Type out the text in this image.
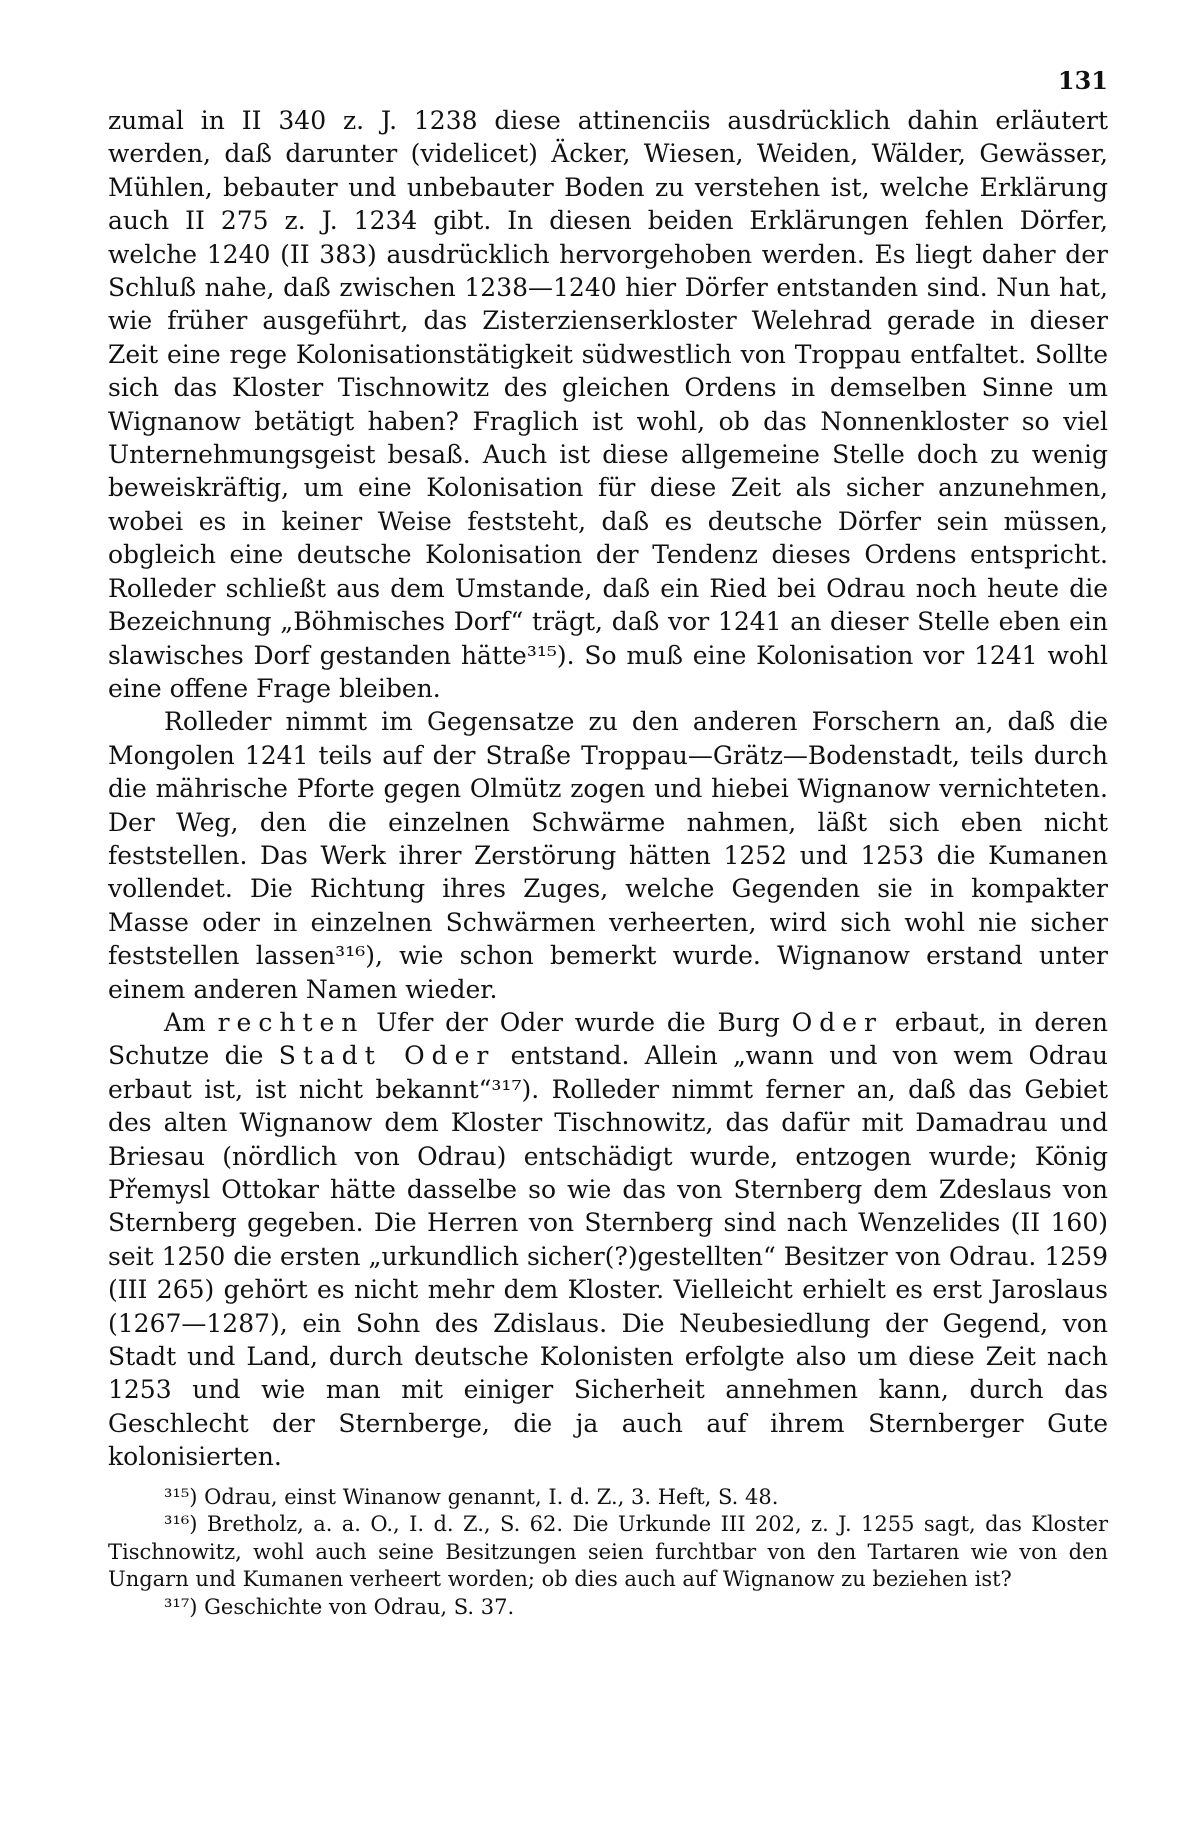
131

zumal in II 340 z. J. 1238 diese attinenciis ausdrücklich dahin erläutert werden, daß darunter (videlicet) Äcker, Wiesen, Weiden, Wälder, Gewässer, Mühlen, bebauter und unbebauter Boden zu verstehen ist, welche Erklärung auch II 275 z. J. 1234 gibt. In diesen beiden Erklärungen fehlen Dörfer, welche 1240 (II 383) ausdrücklich hervorgehoben werden. Es liegt daher der Schluß nahe, daß zwischen 1238—1240 hier Dörfer entstanden sind. Nun hat, wie früher ausgeführt, das Zisterzienserkloster Welehrad gerade in dieser Zeit eine rege Kolonisationstätigkeit südwestlich von Troppau entfaltet. Sollte sich das Kloster Tischnowitz des gleichen Ordens in demselben Sinne um Wignanow betätigt haben? Fraglich ist wohl, ob das Nonnenkloster so viel Unternehmungsgeist besaß. Auch ist diese allgemeine Stelle doch zu wenig beweiskräftig, um eine Kolonisation für diese Zeit als sicher anzunehmen, wobei es in keiner Weise feststeht, daß es deutsche Dörfer sein müssen, obgleich eine deutsche Kolonisation der Tendenz dieses Ordens entspricht. Rolleder schließt aus dem Umstande, daß ein Ried bei Odrau noch heute die Bezeichnung „Böhmisches Dorf“ trägt, daß vor 1241 an dieser Stelle eben ein slawisches Dorf gestanden hätte³¹⁵). So muß eine Kolonisation vor 1241 wohl eine offene Frage bleiben.

Rolleder nimmt im Gegensatze zu den anderen Forschern an, daß die Mongolen 1241 teils auf der Straße Troppau—Grätz—Bodenstadt, teils durch die mährische Pforte gegen Olmütz zogen und hiebei Wignanow vernichteten. Der Weg, den die einzelnen Schwärme nahmen, läßt sich eben nicht feststellen. Das Werk ihrer Zerstörung hätten 1252 und 1253 die Kumanen vollendet. Die Richtung ihres Zuges, welche Gegenden sie in kompakter Masse oder in einzelnen Schwärmen verheerten, wird sich wohl nie sicher feststellen lassen³¹⁶), wie schon bemerkt wurde. Wignanow erstand unter einem anderen Namen wieder.

Am rechten Ufer der Oder wurde die Burg Oder erbaut, in deren Schutze die Stadt Oder entstand. Allein „wann und von wem Odrau erbaut ist, ist nicht bekannt“³¹⁷). Rolleder nimmt ferner an, daß das Gebiet des alten Wignanow dem Kloster Tischnowitz, das dafür mit Damadrau und Briesau (nördlich von Odrau) entschädigt wurde, entzogen wurde; König Přemysl Ottokar hätte dasselbe so wie das von Sternberg dem Zdeslaus von Sternberg gegeben. Die Herren von Sternberg sind nach Wenzelides (II 160) seit 1250 die ersten „urkundlich sicher(?)gestellten“ Besitzer von Odrau. 1259 (III 265) gehört es nicht mehr dem Kloster. Vielleicht erhielt es erst Jaroslaus (1267—1287), ein Sohn des Zdislaus. Die Neubesiedlung der Gegend, von Stadt und Land, durch deutsche Kolonisten erfolgte also um diese Zeit nach 1253 und wie man mit einiger Sicherheit annehmen kann, durch das Geschlecht der Sternberge, die ja auch auf ihrem Sternberger Gute kolonisierten.

³¹⁵) Odrau, einst Winanow genannt, I. d. Z., 3. Heft, S. 48.

³¹⁶) Bretholz, a. a. O., I. d. Z., S. 62. Die Urkunde III 202, z. J. 1255 sagt, das Kloster Tischnowitz, wohl auch seine Besitzungen seien furchtbar von den Tartaren wie von den Ungarn und Kumanen verheert worden; ob dies auch auf Wignanow zu beziehen ist?

³¹⁷) Geschichte von Odrau, S. 37.
